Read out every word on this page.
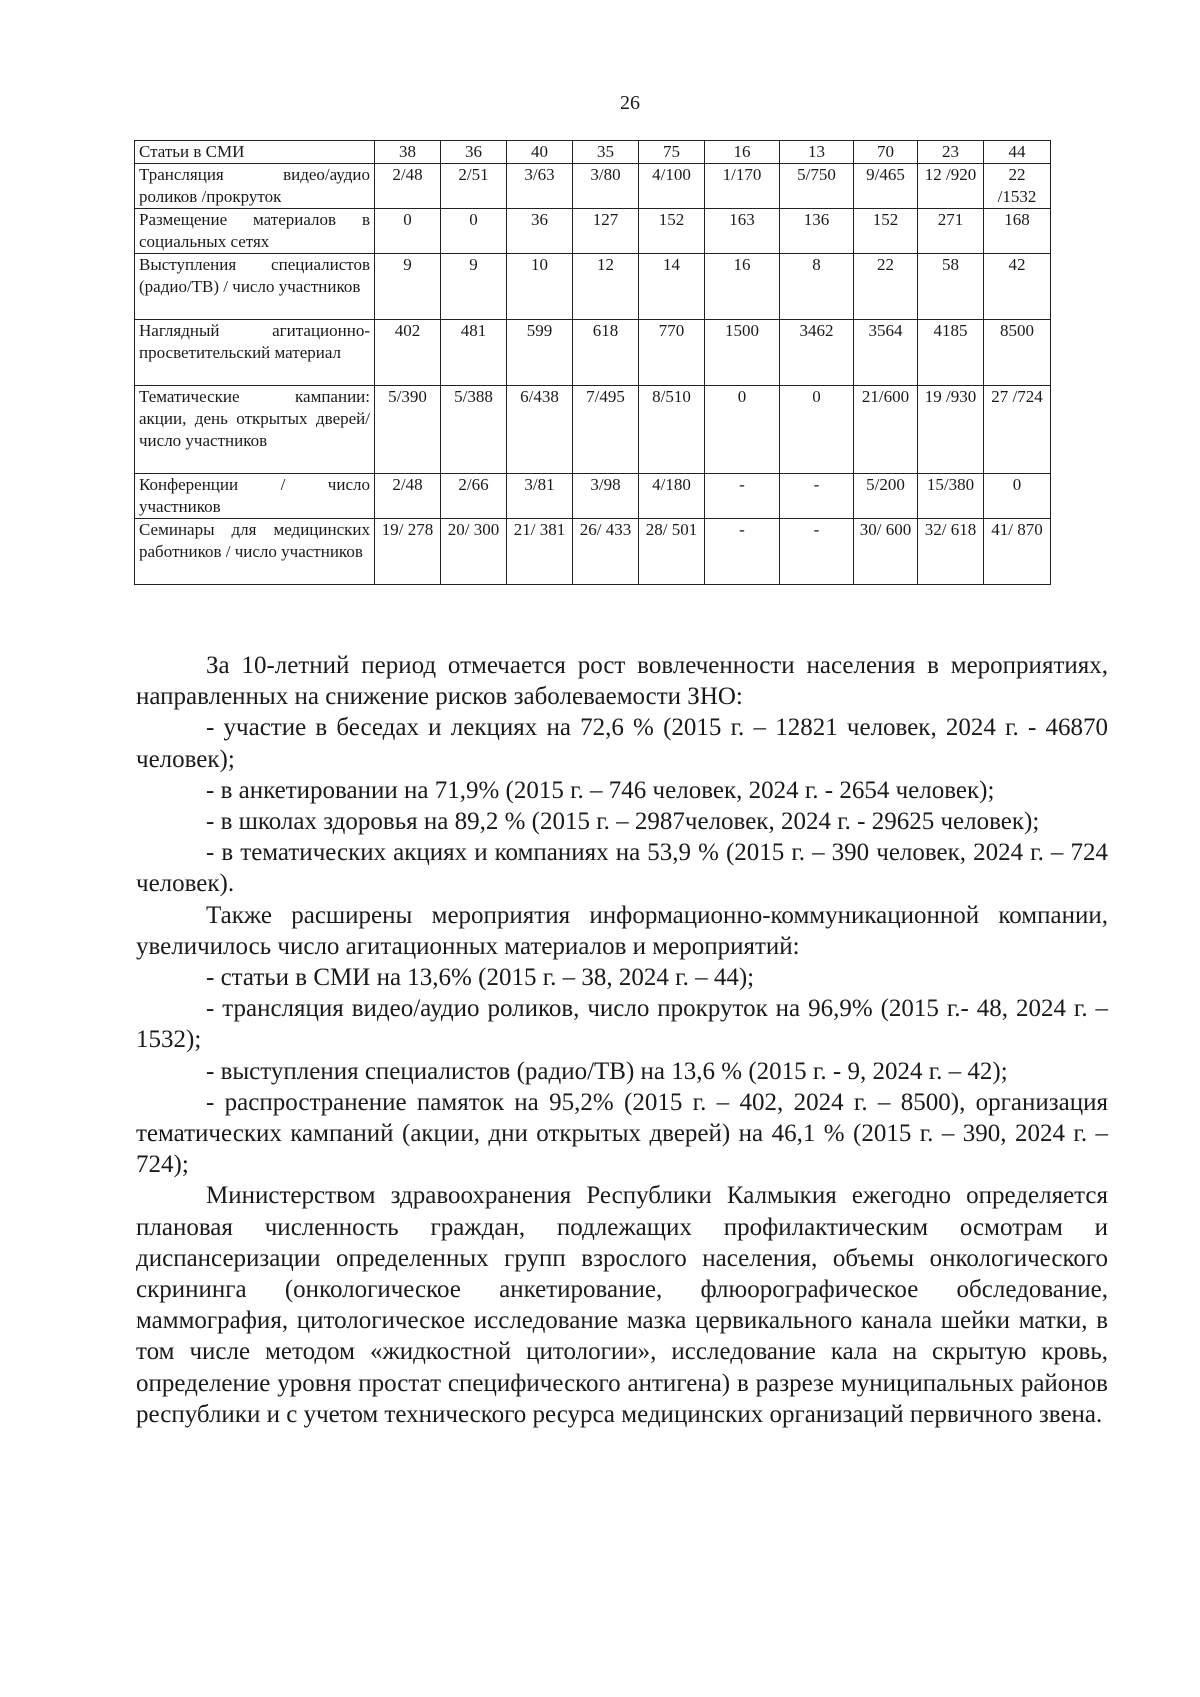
26
Статьи в СМИ	38	36	40	35	75	16	13	70	23	44
Трансляция видео/аудио роликов /прокруток	2/48	2/51	3/63	3/80	4/100	1/170	5/750	9/465	12 /920	22 /1532
Размещение материалов в социальных сетях	0	0	36	127	152	163	136	152	271	168
Выступления специалистов (радио/ТВ) / число участников	9	9	10	12	14	16	8	22	58	42
Наглядный агитационно-просветительский материал	402	481	599	618	770	1500	3462	3564	4185	8500
Тематические кампании: акции, день открытых дверей/число участников	5/390	5/388	6/438	7/495	8/510	0	0	21/600	19 /930	27 /724
Конференции / число участников	2/48	2/66	3/81	3/98	4/180	-	-	5/200	15/380	0
Семинары для медицинских работников / число участников	19/ 278	20/ 300	21/ 381	26/ 433	28/ 501	-	-	30/ 600	32/ 618	41/ 870

За 10-летний период отмечается рост вовлеченности населения в мероприятиях, направленных на снижение рисков заболеваемости ЗНО:

- участие в беседах и лекциях на 72,6 % (2015 г. – 12821 человек, 2024 г. - 46870 человек);

- в анкетировании на 71,9% (2015 г. – 746 человек, 2024 г. - 2654 человек);

- в школах здоровья на 89,2 % (2015 г. – 2987человек, 2024 г. - 29625 человек);

- в тематических акциях и компаниях на 53,9 % (2015 г. – 390 человек, 2024 г. – 724 человек).

Также расширены мероприятия информационно-коммуникационной компании, увеличилось число агитационных материалов и мероприятий:

- статьи в СМИ на 13,6% (2015 г. – 38, 2024 г. – 44);

- трансляция видео/аудио роликов, число прокруток на 96,9% (2015 г.- 48, 2024 г. – 1532);

- выступления специалистов (радио/ТВ) на 13,6 % (2015 г. - 9, 2024 г. – 42);

- распространение памяток на 95,2% (2015 г. – 402, 2024 г. – 8500), организация тематических кампаний (акции, дни открытых дверей) на 46,1 % (2015 г. – 390, 2024 г. – 724);

Министерством здравоохранения Республики Калмыкия ежегодно определяется плановая численность граждан, подлежащих профилактическим осмотрам и диспансеризации определенных групп взрослого населения, объемы онкологического скрининга (онкологическое анкетирование, флюорографическое обследование, маммография, цитологическое исследование мазка цервикального канала шейки матки, в том числе методом «жидкостной цитологии», исследование кала на скрытую кровь, определение уровня простат специфического антигена) в разрезе муниципальных районов республики и с учетом технического ресурса медицинских организаций первичного звена.
